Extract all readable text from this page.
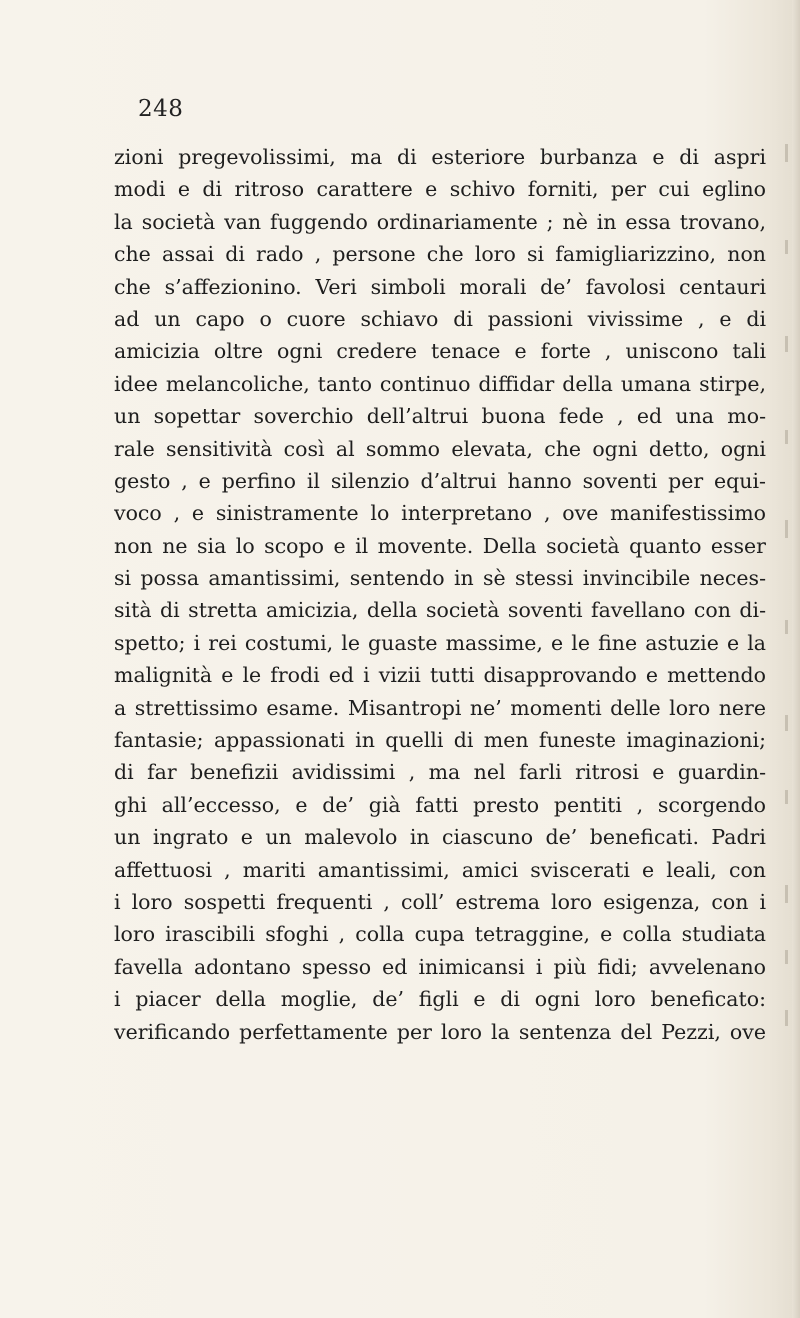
248
zioni pregevolissimi, ma di esteriore burbanza e di aspri
modi e di ritroso carattere e schivo forniti, per cui eglino
la società van fuggendo ordinariamente ; nè in essa trovano,
che assai di rado , persone che loro si famigliarizzino, non
che s’affezionino. Veri simboli morali de’ favolosi centauri
ad un capo o cuore schiavo di passioni vivissime , e di
amicizia oltre ogni credere tenace e forte , uniscono tali
idee melancoliche, tanto continuo diffidar della umana stirpe,
un sopettar soverchio dell’altrui buona fede , ed una mo-
rale sensitività così al sommo elevata, che ogni detto, ogni
gesto , e perfino il silenzio d’altrui hanno soventi per equi-
voco , e sinistramente lo interpretano , ove manifestissimo
non ne sia lo scopo e il movente. Della società quanto esser
si possa amantissimi, sentendo in sè stessi invincibile neces-
sità di stretta amicizia, della società soventi favellano con di-
spetto; i rei costumi, le guaste massime, e le fine astuzie e la
malignità e le frodi ed i vizii tutti disapprovando e mettendo
a strettissimo esame. Misantropi ne’ momenti delle loro nere
fantasie; appassionati in quelli di men funeste imaginazioni;
di far benefizii avidissimi , ma nel farli ritrosi e guardin-
ghi all’eccesso, e de’ già fatti presto pentiti , scorgendo
un ingrato e un malevolo in ciascuno de’ beneficati. Padri
affettuosi , mariti amantissimi, amici sviscerati e leali, con
i loro sospetti frequenti , coll’ estrema loro esigenza, con i
loro irascibili sfoghi , colla cupa tetraggine, e colla studiata
favella adontano spesso ed inimicansi i più fidi; avvelenano
i piacer della moglie, de’ figli e di ogni loro beneficato:
verificando perfettamente per loro la sentenza del Pezzi, ove
